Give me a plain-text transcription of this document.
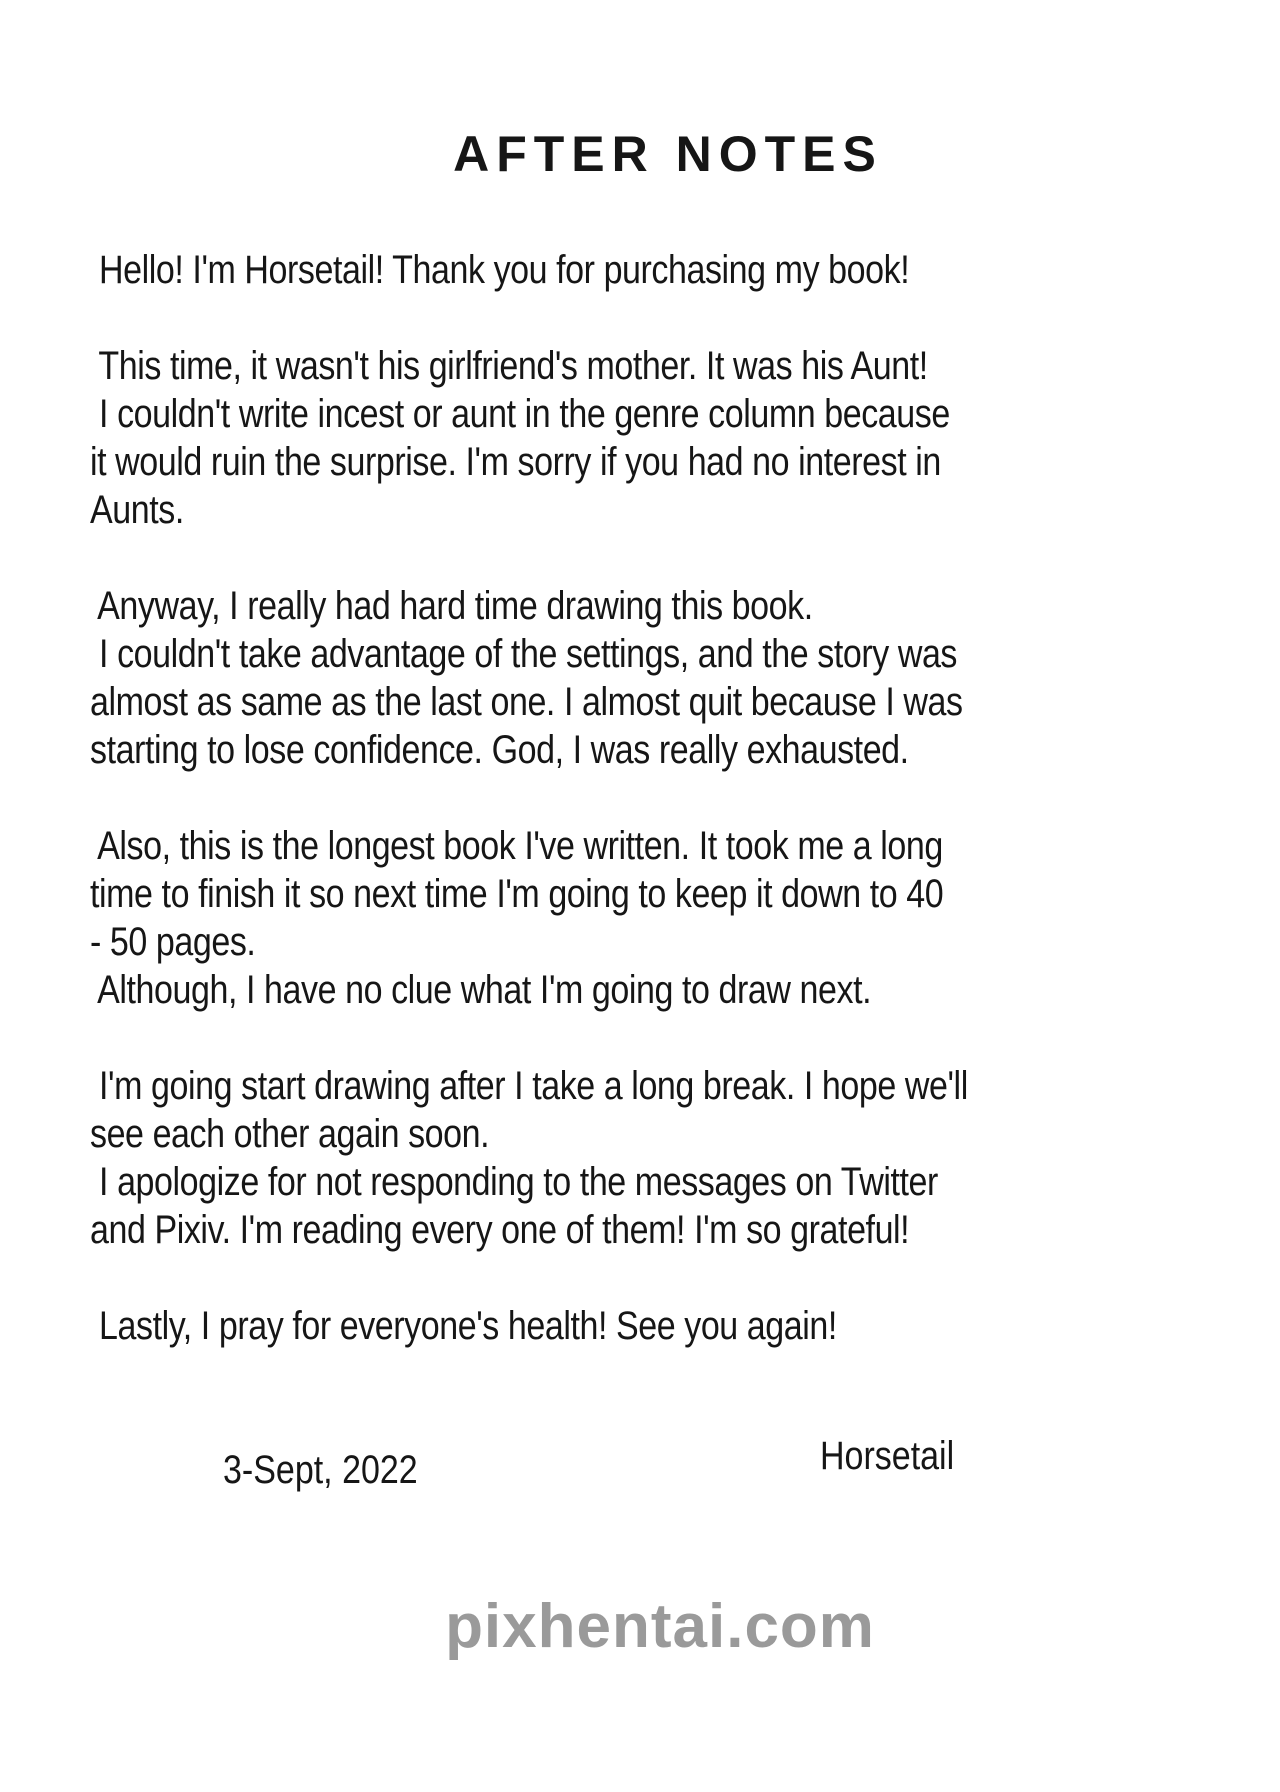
AFTER NOTES
Hello! I'm Horsetail! Thank you for purchasing my book!
This time, it wasn't his girlfriend's mother. It was his Aunt!
I couldn't write incest or aunt in the genre column because
it would ruin the surprise. I'm sorry if you had no interest in
Aunts.
Anyway, I really had hard time drawing this book.
I couldn't take advantage of the settings, and the story was
almost as same as the last one. I almost quit because I was
starting to lose confidence. God, I was really exhausted.
Also, this is the longest book I've written. It took me a long
time to finish it so next time I'm going to keep it down to 40
- 50 pages.
Although, I have no clue what I'm going to draw next.
I'm going start drawing after I take a long break. I hope we'll
see each other again soon.
I apologize for not responding to the messages on Twitter
and Pixiv. I'm reading every one of them! I'm so grateful!
Lastly, I pray for everyone's health! See you again!
3-Sept, 2022	Horsetail
pixhentai.com
